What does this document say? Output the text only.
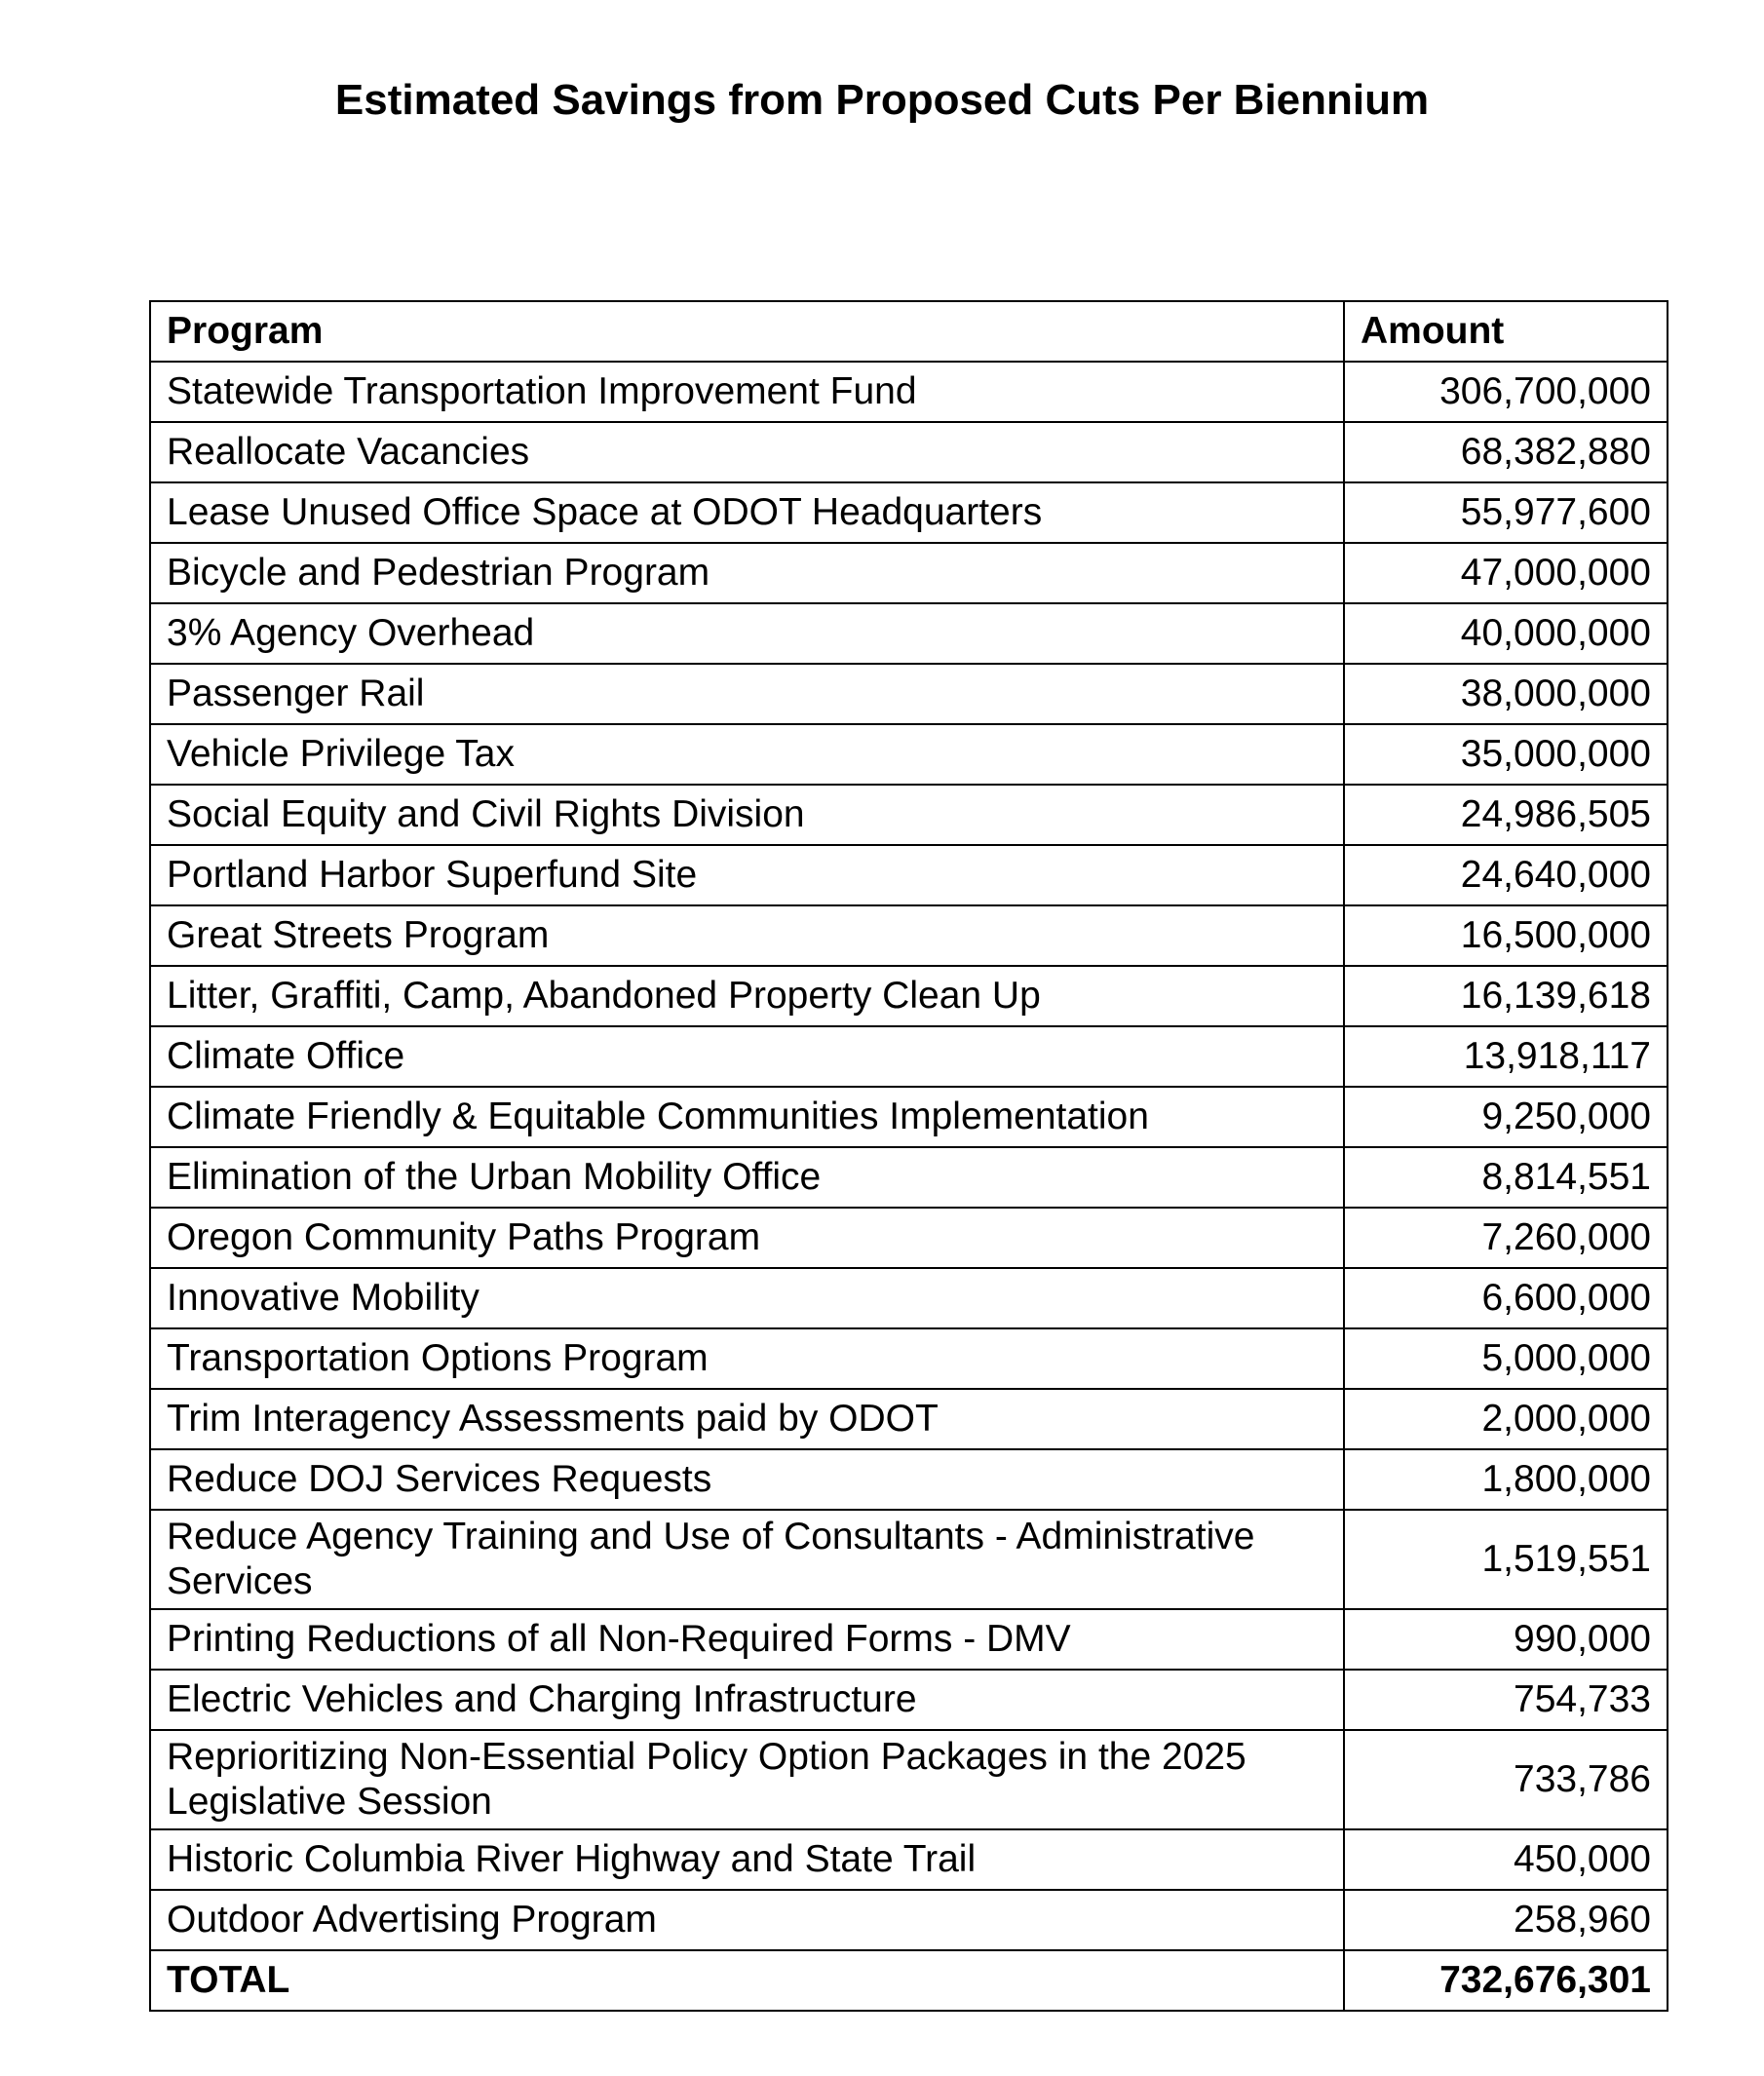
Estimated Savings from Proposed Cuts Per Biennium
Program	Amount
Statewide Transportation Improvement Fund	306,700,000
Reallocate Vacancies	68,382,880
Lease Unused Office Space at ODOT Headquarters	55,977,600
Bicycle and Pedestrian Program	47,000,000
3% Agency Overhead	40,000,000
Passenger Rail	38,000,000
Vehicle Privilege Tax	35,000,000
Social Equity and Civil Rights Division	24,986,505
Portland Harbor Superfund Site	24,640,000
Great Streets Program	16,500,000
Litter, Graffiti, Camp, Abandoned Property Clean Up	16,139,618
Climate Office	13,918,117
Climate Friendly & Equitable Communities Implementation	9,250,000
Elimination of the Urban Mobility Office	8,814,551
Oregon Community Paths Program	7,260,000
Innovative Mobility	6,600,000
Transportation Options Program	5,000,000
Trim Interagency Assessments paid by ODOT	2,000,000
Reduce DOJ Services Requests	1,800,000
Reduce Agency Training and Use of Consultants - Administrative Services	1,519,551
Printing Reductions of all Non-Required Forms - DMV	990,000
Electric Vehicles and Charging Infrastructure	754,733
Reprioritizing Non-Essential Policy Option Packages in the 2025 Legislative Session	733,786
Historic Columbia River Highway and State Trail	450,000
Outdoor Advertising Program	258,960
TOTAL	732,676,301
